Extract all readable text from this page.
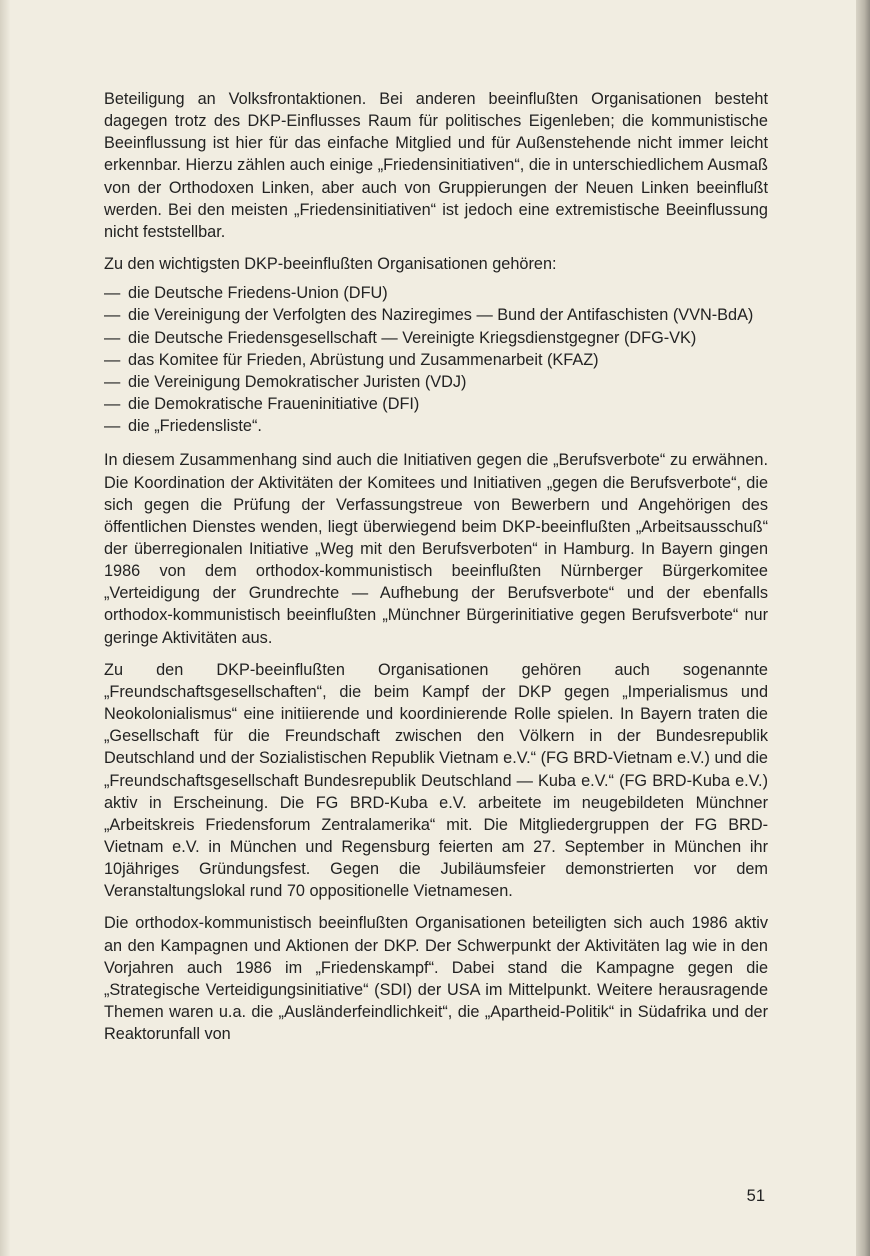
Beteiligung an Volksfrontaktionen. Bei anderen beeinflußten Organisationen besteht dagegen trotz des DKP-Einflusses Raum für politisches Eigenleben; die kommunistische Beeinflussung ist hier für das einfache Mitglied und für Außenstehende nicht immer leicht erkennbar. Hierzu zählen auch einige „Friedensinitiativen“, die in unterschiedlichem Ausmaß von der Orthodoxen Linken, aber auch von Gruppierungen der Neuen Linken beeinflußt werden. Bei den meisten „Friedensinitiativen“ ist jedoch eine extremistische Beeinflussung nicht feststellbar.

Zu den wichtigsten DKP-beeinflußten Organisationen gehören:

— die Deutsche Friedens-Union (DFU)
— die Vereinigung der Verfolgten des Naziregimes — Bund der Antifaschisten (VVN-BdA)
— die Deutsche Friedensgesellschaft — Vereinigte Kriegsdienstgegner (DFG-VK)
— das Komitee für Frieden, Abrüstung und Zusammenarbeit (KFAZ)
— die Vereinigung Demokratischer Juristen (VDJ)
— die Demokratische Fraueninitiative (DFI)
— die „Friedensliste“.

In diesem Zusammenhang sind auch die Initiativen gegen die „Berufsverbote“ zu erwähnen. Die Koordination der Aktivitäten der Komitees und Initiativen „gegen die Berufsverbote“, die sich gegen die Prüfung der Verfassungstreue von Bewerbern und Angehörigen des öffentlichen Dienstes wenden, liegt überwiegend beim DKP-beeinflußten „Arbeitsausschuß“ der überregionalen Initiative „Weg mit den Berufsverboten“ in Hamburg. In Bayern gingen 1986 von dem orthodox-kommunistisch beeinflußten Nürnberger Bürgerkomitee „Verteidigung der Grundrechte — Aufhebung der Berufsverbote“ und der ebenfalls orthodox-kommunistisch beeinflußten „Münchner Bürgerinitiative gegen Berufsverbote“ nur geringe Aktivitäten aus.

Zu den DKP-beeinflußten Organisationen gehören auch sogenannte „Freundschaftsgesellschaften“, die beim Kampf der DKP gegen „Imperialismus und Neokolonialismus“ eine initiierende und koordinierende Rolle spielen. In Bayern traten die „Gesellschaft für die Freundschaft zwischen den Völkern in der Bundesrepublik Deutschland und der Sozialistischen Republik Vietnam e.V.“ (FG BRD-Vietnam e.V.) und die „Freundschaftsgesellschaft Bundesrepublik Deutschland — Kuba e.V.“ (FG BRD-Kuba e.V.) aktiv in Erscheinung. Die FG BRD-Kuba e.V. arbeitete im neugebildeten Münchner „Arbeitskreis Friedensforum Zentralamerika“ mit. Die Mitgliedergruppen der FG BRD-Vietnam e.V. in München und Regensburg feierten am 27. September in München ihr 10jähriges Gründungsfest. Gegen die Jubiläumsfeier demonstrierten vor dem Veranstaltungslokal rund 70 oppositionelle Vietnamesen.

Die orthodox-kommunistisch beeinflußten Organisationen beteiligten sich auch 1986 aktiv an den Kampagnen und Aktionen der DKP. Der Schwerpunkt der Aktivitäten lag wie in den Vorjahren auch 1986 im „Friedenskampf“. Dabei stand die Kampagne gegen die „Strategische Verteidigungsinitiative“ (SDI) der USA im Mittelpunkt. Weitere herausragende Themen waren u.a. die „Ausländerfeindlichkeit“, die „Apartheid-Politik“ in Südafrika und der Reaktorunfall von

51
